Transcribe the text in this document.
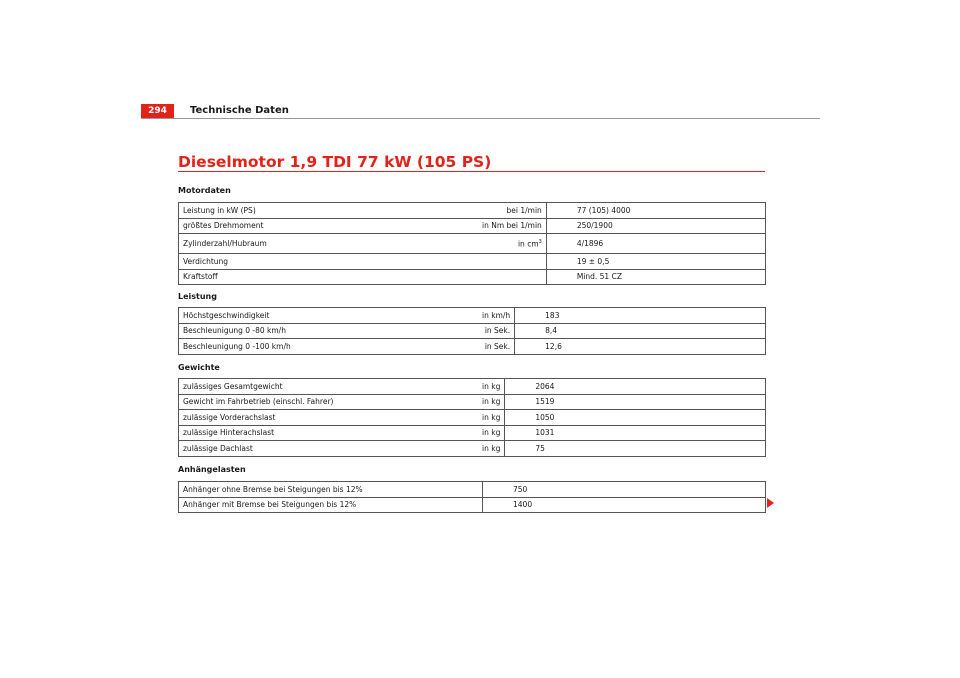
294	Technische Daten
Dieselmotor 1,9 TDI 77 kW (105 PS)
Motordaten
Leistung in kW (PS)	bei 1/min	77 (105) 4000
größtes Drehmoment	in Nm bei 1/min	250/1900
Zylinderzahl/Hubraum	in $cm^3$	4/1896
Verdichtung		19 ± 0,5
Kraftstoff		Mind. 51 CZ
Leistung
Höchstgeschwindigkeit	in km/h	183
Beschleunigung 0 -80 km/h	in Sek.	8,4
Beschleunigung 0 -100 km/h	in Sek.	12,6
Gewichte
zulässiges Gesamtgewicht	in kg	2064
Gewicht im Fahrbetrieb (einschl. Fahrer)	in kg	1519
zulässige Vorderachslast	in kg	1050
zulässige Hinterachslast	in kg	1031
zulässige Dachlast	in kg	75
Anhängelasten
Anhänger ohne Bremse bei Steigungen bis 12%	750
Anhänger mit Bremse bei Steigungen bis 12%	1400
